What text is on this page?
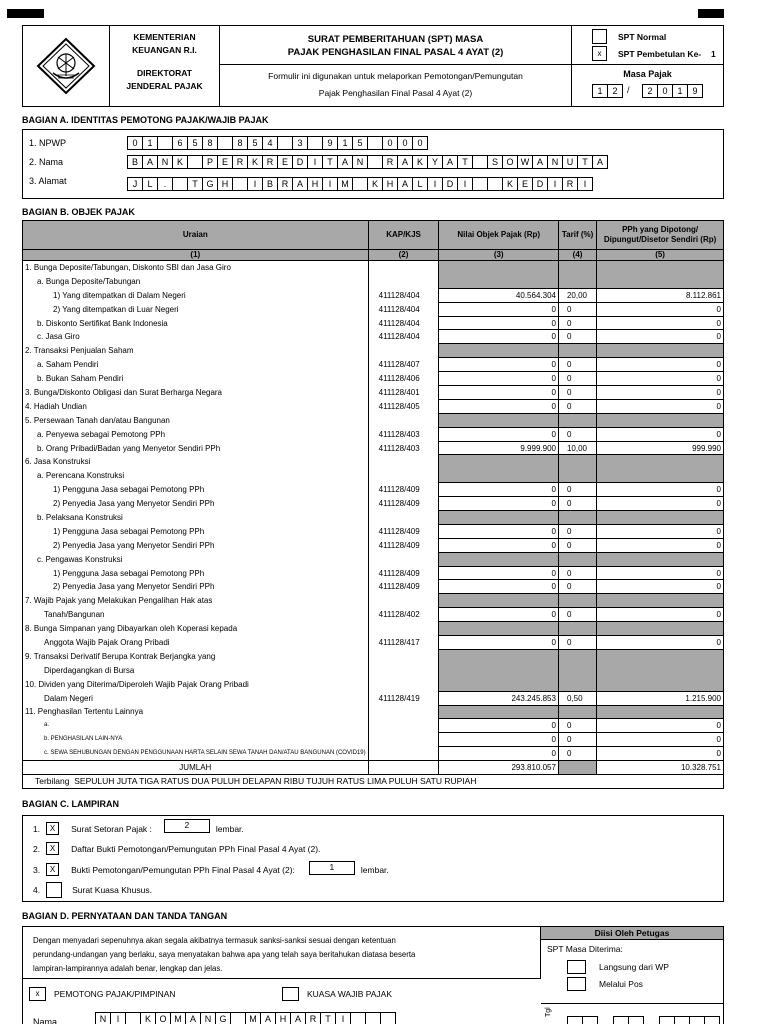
KEMENTERIAN
KEUANGAN R.I.
DIREKTORAT
JENDERAL PAJAK
SURAT PEMBERITAHUAN (SPT) MASA
PAJAK PENGHASILAN FINAL PASAL 4 AYAT (2)
Formulir ini digunakan untuk melaporkan Pemotongan/Pemungutan
Pajak Penghasilan Final Pasal 4 Ayat (2)
SPT Normal
x	SPT Pembetulan Ke- 1
Masa Pajak
1	2	/	2	0	1	9
BAGIAN A. IDENTITAS PEMOTONG PAJAK/WAJIB PAJAK
1. NPWP	0	1	6	5	8	8	5	4	3	9	1	5	0	0	0
2. Nama	B A N K	P E R K R E D	I	T	A N	R A K Y A	T	S O W A N U	T	A
3. Alamat	J	L	.	T G H	I	B R A H	I	M	K H A	L	I	D	I	K E D	I	R	I
BAGIAN B. OBJEK PAJAK
Uraian	KAP/KJS	Nilai Objek Pajak (Rp)	Tarif (%)	PPh yang Dipotong/ Dipungut/Disetor Sendiri (Rp)
(1)	(2)	(3)	(4)	(5)
1. Bunga Deposite/Tabungan, Diskonto SBI dan Jasa Giro				
a. Bunga Deposite/Tabungan				
1) Yang ditempatkan di Dalam Negeri	411128/404	40.564.304	20,00	8.112.861
2) Yang ditempatkan di Luar Negeri	411128/404	0	0	0
b. Diskonto Sertifikat Bank Indonesia	411128/404	0	0	0
c. Jasa Giro	411128/404	0	0	0
2. Transaksi Penjualan Saham				
a. Saham Pendiri	411128/407	0	0	0
b. Bukan Saham Pendiri	411128/406	0	0	0
3. Bunga/Diskonto Obligasi dan Surat Berharga Negara	411128/401	0	0	0
4. Hadiah Undian	411128/405	0	0	0
5. Persewaan Tanah dan/atau Bangunan				
a. Penyewa sebagai Pemotong PPh	411128/403	0	0	0
b. Orang Pribadi/Badan yang Menyetor Sendiri PPh	411128/403	9.999.900	10,00	999.990
6. Jasa Konstruksi				
a. Perencana Konstruksi				
1) Pengguna Jasa sebagai Pemotong PPh	411128/409	0	0	0
2) Penyedia Jasa yang Menyetor Sendiri PPh	411128/409	0	0	0
b. Pelaksana Konstruksi				
1) Pengguna Jasa sebagai Pemotong PPh	411128/409	0	0	0
2) Penyedia Jasa yang Menyetor Sendiri PPh	411128/409	0	0	0
c. Pengawas Konstruksi				
1) Pengguna Jasa sebagai Pemotong PPh	411128/409	0	0	0
2) Penyedia Jasa yang Menyetor Sendiri PPh	411128/409	0	0	0
7. Wajib Pajak yang Melakukan Pengalihan Hak atas				
Tanah/Bangunan	411128/402	0	0	0
8. Bunga Simpanan yang Dibayarkan oleh Koperasi kepada				
Anggota Wajib Pajak Orang Pribadi	411128/417	0	0	0
9. Transaksi Derivatif Berupa Kontrak Berjangka yang				
Diperdagangkan di Bursa				
10. Dividen yang Diterima/Diperoleh Wajib Pajak Orang Pribadi				
Dalam Negeri	411128/419	243.245.853	0,50	1.215.900
11. Penghasilan Tertentu Lainnya				
a.		0	0	0
b. PENGHASILAN LAIN-NYA		0	0	0
c. SEWA SEHUBUNGAN DENGAN PENGGUNAAN HARTA SELAIN SEWA TANAH DAN/ATAU BANGUNAN (COVID19)		0	0	0
JUMLAH		293.810.057		10.328.751
Terbilang SEPULUH JUTA TIGA RATUS DUA PULUH DELAPAN RIBU TUJUH RATUS LIMA PULUH SATU RUPIAH				
BAGIAN C. LAMPIRAN
1.	X	Surat Setoran Pajak :	2	lembar.
2.	X	Daftar Bukti Pemotongan/Pemungutan PPh Final Pasal 4 Ayat (2).
3.	X	Bukti Pemotongan/Pemungutan PPh Final Pasal 4 Ayat (2):	1	lembar.
4.	Surat Kuasa Khusus.
BAGIAN D. PERNYATAAN DAN TANDA TANGAN
Dengan menyadari sepenuhnya akan segala akibatnya termasuk sanksi-sanksi sesuai dengan ketentuan
perundang-undangan yang berlaku, saya menyatakan bahwa apa yang telah saya beritahukan diatasa beserta
lampiran-lampirannya adalah benar, lengkap dan jelas.
x	PEMOTONG PAJAK/PIMPINAN	KUASA WAJIB PAJAK
Nama	N	I	K O M A N G	M A H A R	T	I
Diisi Oleh Petugas
SPT Masa Diterima:
Langsung dari WP
Melalui Pos
Tgl
